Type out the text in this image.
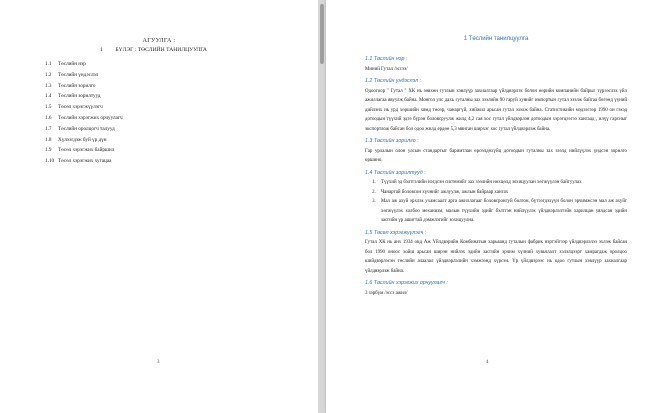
АГУУЛГА :
1 БҮЛЭГ : ТӨСЛИЙН ТАНИЛЦУУЛГА
1.1 Төслийн нэр
1.2 Төслийн үндэслэл
1.3 Төслийн зорилго
1.4 Төслийн зорилтууд
1.5 Төсөл хэрэгжүүлэгч
1.6 Төслийн хэрэгжих орчуулагч
1.7 Төслийн оролцогч талууд
1.8 Хүлээгдэж буй үр дүн
1.9 Төсөл хэрэгжих байршил
1.10 Төсөл хэрэгжих хугацаа
3
1 Төслийн танилцуулга
1.1 Төслийн нэр :

Миний Гутал /эссээ/

1.2 Төслийн үндэслэл :

Одоогоор " Гутал " ХК нь зөвхөн гутлын хэвлүүр захиалгаар үйлдвэрлэх болон өөрийн компанийн байрыг түрээслэх үйл ажиллагаа явуулж байна. Монгол улс дахь гуталны зах зээлийн 90 гаруй хувийг импортын гутал эзэлж байгаа бөгөөд үүний дийлэнх нь урд хөршийн хямд төсөр, чанаргүй, хийжил арьсан гутал эзэлж байна. Статистикийн мэдээгээр 1990 он гэхэд дотоодын түүхий эдээ бүрэн боловсруулж жилд 4,2 сая хос гутал үйлдвэрлэн дотоодын хэрэгцээгээ хангаад , илүү гарсныг экспортлож байсан бол одоо жилд ердөө 5,3 мянган ширхэг хос гутал үйлдвэрлэж байна.

1.3 Төслийн зорилго :

Гар урлалын олон улсын стандартыг баримтлан өрсөлдөхүйц дотоодын гуталны зах зээлд нийлүүлэх үндсэн зорилго оршино.

1.4 Төслийн зорилтууд :
1. Түүхий эд бэлтгэлийн нэгдсэн системийг зах зээлийн нөхцөлд зохицуулан хөгжүүлэн байгуулах
2. Чанартай боловсон хүчнийг ажлуулж, ажлын байраар хангах
3. Мал аж ахуй эрхлэх ухамсаалт арга ажиллагааг боловсронгуй болгон, бүтээгдэхүүн болон эрчимжсэн мал аж ахуйг хөгжүүлэх холбоо механизм, малын түүхийн эдийг бэлтгэн нийлүүлэх үйлдвэрлэлтэйн харилцан уялдсан эдийн засгийн үр ашигтай дэмжлэгийг зохицуулна.
1.5 Төсөл хэрэгжүүлэгч :

Гутал ХК нь анх 1934 онд Аж Үйлдвэрийн Комбинатын харьяанд гуталын фабрик нэртэйгээр үйлдвэрлэлээ эхлэж байсан бол 1990 оноос хойш арьсан ширэн нийлэх эдийн засгийн эрчим хүчний хувьчлалт хэлэлцээрт хамрагдаж оролцоо шийдвэрлэсэн төслийн ачаалал үйлдвэрлэлийн хэмжээнд хүрсэн. Үр үйлдвэрээс нь одоо гутлын хэвлүүр захиалгаар үйлдвэрлэж байна.

1.6 Төслийн хэрэгжих орчуулагч :

3 зэрбүм /эссэ ажил/

4
